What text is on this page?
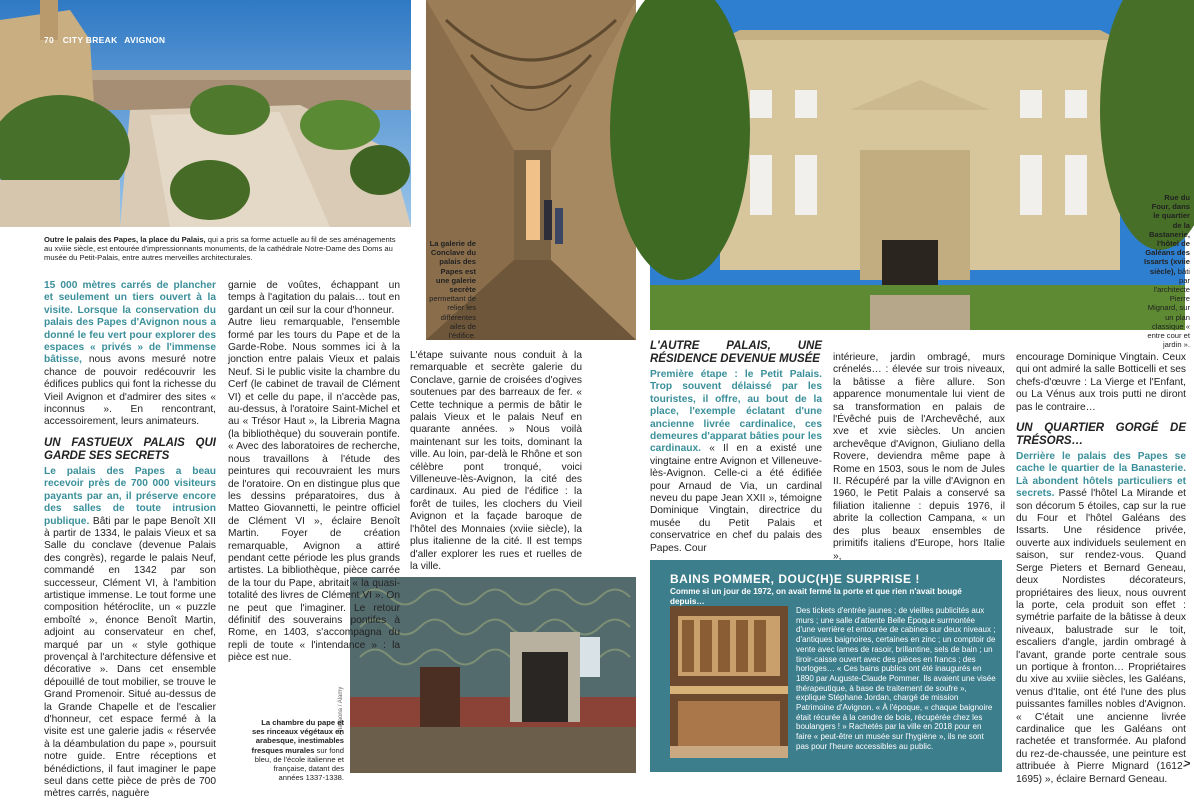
70 CITY BREAK AVIGNON
Anacaona / Alamy
BAINS POMMER, DOUC(H)E SURPRISE !
Comme si un jour de 1972, on avait fermé la porte et que rien n'avait bougé depuis…
Des tickets d'entrée jaunes ; de vieilles publicités aux murs ; une salle d'attente Belle Époque surmontée d'une verrière et entourée de cabines sur deux niveaux ; d'antiques baignoires, certaines en zinc ; un comptoir de vente avec lames de rasoir, brillantine, sels de bain ; un tiroir-caisse ouvert avec des pièces en francs ; des horloges… « Ces bains publics ont été inaugurés en 1890 par Auguste-Claude Pommer. Ils avaient une visée thérapeutique, à base de traitement de soufre », explique Stéphane Jordan, chargé de mission Patrimoine d'Avignon. « À l'époque, « chaque baignoire était récurée à la cendre de bois, récupérée chez les boulangers ! » Rachetés par la ville en 2018 pour en faire « peut-être un musée sur l'hygiène », ils ne sont pas pour l'heure accessibles au public.
Outre le palais des Papes, la place du Palais, qui a pris sa forme actuelle au fil de ses aménagements au xviiie siècle, est entourée d'impressionnants monuments, de la cathédrale Notre-Dame des Doms au musée du Petit-Palais, entre autres merveilles architecturales.
La galerie de Conclave du palais des Papes est une galerie secrète permettant de relier les différentes ailes de l'édifice.
La chambre du pape et ses rinceaux végétaux en arabesque, inestimables fresques murales sur fond bleu, de l'école italienne et française, datant des années 1337-1338.
Rue du Four, dans le quartier de la Bastanerie, l'hôtel de Galéans des Issarts (xviie siècle), bâti par l'architecte Pierre Mignard, sur un plan classique « entre cour et jardin ».

15 000 mètres carrés de plancher et seulement un tiers ouvert à la visite. Lorsque la conservation du palais des Papes d'Avignon nous a donné le feu vert pour explorer des espaces « privés » de l'immense bâtisse, nous avons mesuré notre chance de pouvoir redécouvrir les édifices publics qui font la richesse du Vieil Avignon et d'admirer des sites « inconnus ». En rencontrant, accessoirement, leurs animateurs.

UN FASTUEUX PALAIS QUI GARDE SES SECRETS

Le palais des Papes a beau recevoir près de 700 000 visiteurs payants par an, il préserve encore des salles de toute intrusion publique. Bâti par le pape Benoît XII à partir de 1334, le palais Vieux et sa Salle du conclave (devenue Palais des congrès), regarde le palais Neuf, commandé en 1342 par son successeur, Clément VI, à l'ambition artistique immense. Le tout forme une composition hétéroclite, un « puzzle emboîté », énonce Benoît Martin, adjoint au conservateur en chef, marqué par un « style gothique provençal à l'architecture défensive et décorative ». Dans cet ensemble dépouillé de tout mobilier, se trouve le Grand Promenoir. Situé au-dessus de la Grande Chapelle et de l'escalier d'honneur, cet espace fermé à la visite est une galerie jadis « réservée à la déambulation du pape », poursuit notre guide. Entre réceptions et bénédictions, il faut imaginer le pape seul dans cette pièce de près de 700 mètres carrés, naguère

garnie de voûtes, échappant un temps à l'agitation du palais… tout en gardant un œil sur la cour d'honneur.

Autre lieu remarquable, l'ensemble formé par les tours du Pape et de la Garde-Robe. Nous sommes ici à la jonction entre palais Vieux et palais Neuf. Si le public visite la chambre du Cerf (le cabinet de travail de Clément VI) et celle du pape, il n'accède pas, au-dessus, à l'oratoire Saint-Michel et au « Trésor Haut », la Libreria Magna (la bibliothèque) du souverain pontife. « Avec des laboratoires de recherche, nous travaillons à l'étude des peintures qui recouvraient les murs de l'oratoire. On en distingue plus que les dessins préparatoires, dus à Matteo Giovannetti, le peintre officiel de Clément VI », éclaire Benoît Martin. Foyer de création remarquable, Avignon a attiré pendant cette période les plus grands artistes. La bibliothèque, pièce carrée de la tour du Pape, abritait « la quasi-totalité des livres de Clément VI ». On ne peut que l'imaginer. Le retour définitif des souverains pontifes à Rome, en 1403, s'accompagna du repli de toute « l'intendance » : la pièce est nue.

L'étape suivante nous conduit à la remarquable et secrète galerie du Conclave, garnie de croisées d'ogives soutenues par des barreaux de fer. « Cette technique a permis de bâtir le palais Vieux et le palais Neuf en quarante années. » Nous voilà maintenant sur les toits, dominant la ville. Au loin, par-delà le Rhône et son célèbre pont tronqué, voici Villeneuve-lès-Avignon, la cité des cardinaux. Au pied de l'édifice : la forêt de tuiles, les clochers du Vieil Avignon et la façade baroque de l'hôtel des Monnaies (xviie siècle), la plus italienne de la cité. Il est temps d'aller explorer les rues et ruelles de la ville.

L'AUTRE PALAIS, UNE RÉSIDENCE DEVENUE MUSÉE

Première étape : le Petit Palais. Trop souvent délaissé par les touristes, il offre, au bout de la place, l'exemple éclatant d'une ancienne livrée cardinalice, ces demeures d'apparat bâties pour les cardinaux. « Il en a existé une vingtaine entre Avignon et Villeneuve-lès-Avignon. Celle-ci a été édifiée pour Arnaud de Via, un cardinal neveu du pape Jean XXII », témoigne Dominique Vingtain, directrice du musée du Petit Palais et conservatrice en chef du palais des Papes. Cour

intérieure, jardin ombragé, murs crénelés… : élevée sur trois niveaux, la bâtisse a fière allure. Son apparence monumentale lui vient de sa transformation en palais de l'Évêché puis de l'Archevêché, aux xve et xvie siècles. Un ancien archevêque d'Avignon, Giuliano della Rovere, deviendra même pape à Rome en 1503, sous le nom de Jules II. Récupéré par la ville d'Avignon en 1960, le Petit Palais a conservé sa filiation italienne : depuis 1976, il abrite la collection Campana, « un des plus beaux ensembles de primitifs italiens d'Europe, hors Italie »,

encourage Dominique Vingtain. Ceux qui ont admiré la salle Botticelli et ses chefs-d'œuvre : La Vierge et l'Enfant, ou La Vénus aux trois putti ne diront pas le contraire…

UN QUARTIER GORGÉ DE TRÉSORS…

Derrière le palais des Papes se cache le quartier de la Banasterie. Là abondent hôtels particuliers et secrets. Passé l'hôtel La Mirande et son décorum 5 étoiles, cap sur la rue du Four et l'hôtel Galéans des Issarts. Une résidence privée, ouverte aux individuels seulement en saison, sur rendez-vous. Quand Serge Pieters et Bernard Geneau, deux Nordistes décorateurs, propriétaires des lieux, nous ouvrent la porte, cela produit son effet : symétrie parfaite de la bâtisse à deux niveaux, balustrade sur le toit, escaliers d'angle, jardin ombragé à l'avant, grande porte centrale sous un portique à fronton… Propriétaires du xive au xviiie siècles, les Galéans, venus d'Italie, ont été l'une des plus puissantes familles nobles d'Avignon. « C'était une ancienne livrée cardinalice que les Galéans ont rachetée et transformée. Au plafond du rez-de-chaussée, une peinture est attribuée à Pierre Mignard (1612-1695) », éclaire Bernard Geneau.

>
